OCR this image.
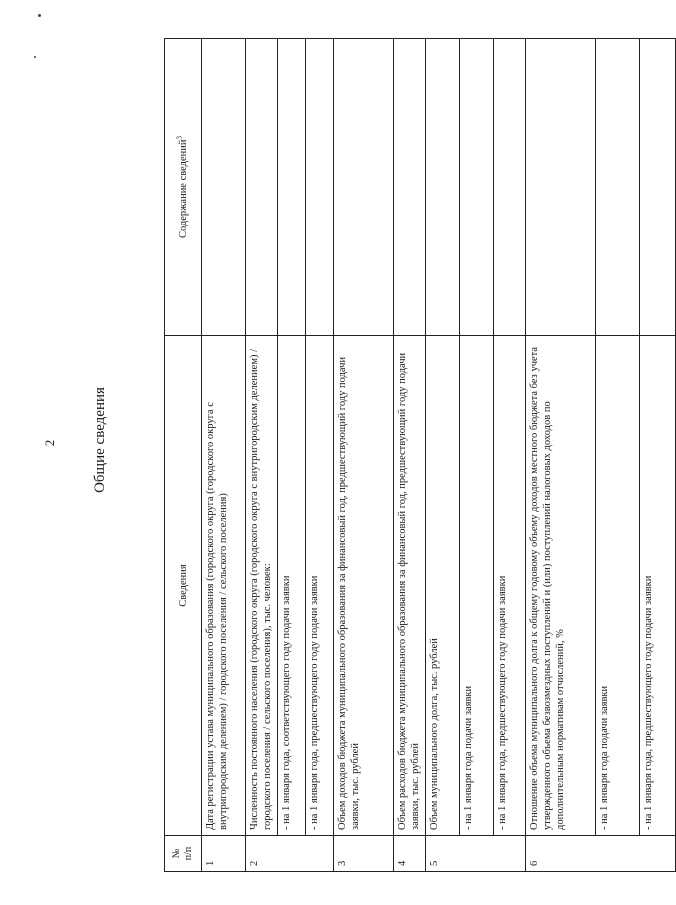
2 Общие сведения
№
п/п	Сведения	Содержание сведений$^3$
1	Дата регистрации устава муниципального образования (городского округа (городского округа с внутригородским делением) / городского поселения / сельского поселения)	
2	Численность постоянного населения (городского округа (городского округа с внутригородским делением) / городского поселения / сельского поселения), тыс. человек:	
	- на 1 января года, соответствующего году подачи заявки	
	- на 1 января года, предшествующего году подачи заявки	
3	Объем доходов бюджета муниципального образования за финансовый год, предшествующий году подачи заявки, тыс. рублей	
4	Объем расходов бюджета муниципального образования за финансовый год, предшествующий году подачи заявки, тыс. рублей	
5	Объем муниципального долга, тыс. рублей	
	- на 1 января года подачи заявки	
	- на 1 января года, предшествующего году подачи заявки	
6	Отношение объема муниципального долга к общему годовому объему доходов местного бюджета без учета утвержденного объема безвозмездных поступлений и (или) поступлений налоговых доходов по дополнительным нормативам отчислений, %	
	- на 1 января года подачи заявки	
	- на 1 января года, предшествующего году подачи заявки	
